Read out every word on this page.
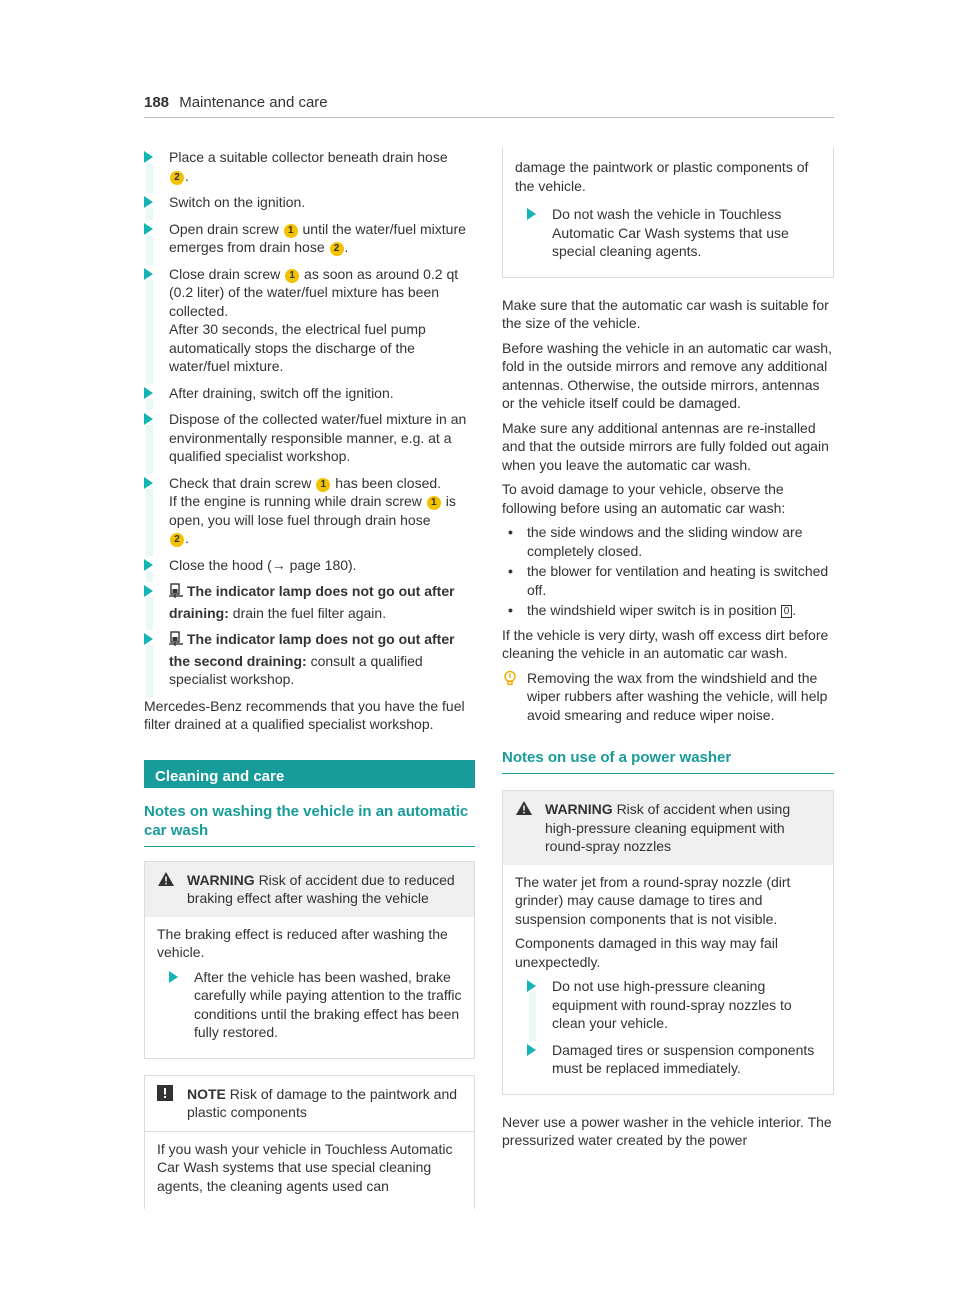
188 Maintenance and care

Place a suitable collector beneath drain hose
2 .

Switch on the ignition.

Open drain screw 1 until the water/fuel mixture emerges from drain hose 2 .

Close drain screw 1 as soon as around 0.2 qt (0.2 liter) of the water/fuel mixture has been collected.
After 30 seconds, the electrical fuel pump automatically stops the discharge of the water/fuel mixture.

After draining, switch off the ignition.

Dispose of the collected water/fuel mixture in an environmentally responsible manner, e.g. at a qualified specialist workshop.

Check that drain screw 1 has been closed.
If the engine is running while drain screw 1 is open, you will lose fuel through drain hose
2 .

Close the hood (→ page 180).

The indicator lamp does not go out after draining: drain the fuel filter again.

The indicator lamp does not go out after the second draining: consult a qualified specialist workshop.

Mercedes-Benz recommends that you have the fuel filter drained at a qualified specialist workshop.

Cleaning and care
Notes on washing the vehicle in an automatic car wash
WARNING Risk of accident due to reduced braking effect after washing the vehicle

The braking effect is reduced after washing the vehicle.

After the vehicle has been washed, brake carefully while paying attention to the traffic conditions until the braking effect has been fully restored.

NOTE Risk of damage to the paintwork and plastic components

If you wash your vehicle in Touchless Automatic Car Wash systems that use special cleaning agents, the cleaning agents used can

damage the paintwork or plastic components of the vehicle.

Do not wash the vehicle in Touchless Automatic Car Wash systems that use special cleaning agents.

Make sure that the automatic car wash is suitable for the size of the vehicle.

Before washing the vehicle in an automatic car wash, fold in the outside mirrors and remove any additional antennas. Otherwise, the outside mirrors, antennas or the vehicle itself could be damaged.

Make sure any additional antennas are re-installed and that the outside mirrors are fully folded out again when you leave the automatic car wash.

To avoid damage to your vehicle, observe the following before using an automatic car wash:

• the side windows and the sliding window are completely closed.
• the blower for ventilation and heating is switched off.
• the windshield wiper switch is in position 0 .

If the vehicle is very dirty, wash off excess dirt before cleaning the vehicle in an automatic car wash.

Removing the wax from the windshield and the wiper rubbers after washing the vehicle, will help avoid smearing and reduce wiper noise.

Notes on use of a power washer
WARNING Risk of accident when using high-pressure cleaning equipment with round-spray nozzles

The water jet from a round-spray nozzle (dirt grinder) may cause damage to tires and suspension components that is not visible.

Components damaged in this way may fail unexpectedly.

Do not use high-pressure cleaning equipment with round-spray nozzles to clean your vehicle.

Damaged tires or suspension components must be replaced immediately.

Never use a power washer in the vehicle interior. The pressurized water created by the power
